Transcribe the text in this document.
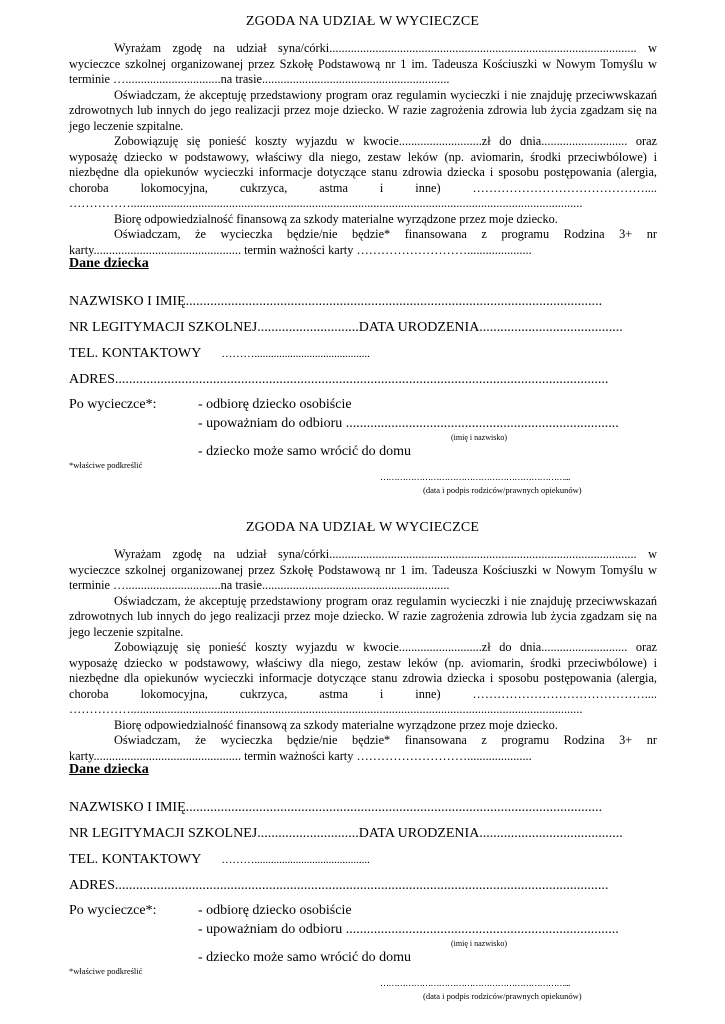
ZGODA NA UDZIAŁ W WYCIECZCE

Wyrażam zgodę na udział syna/córki.................................................................................................... w wycieczce szkolnej organizowanej przez Szkołę Podstawową nr 1 im. Tadeusza Kościuszki w Nowym Tomyślu w terminie …...............................na trasie.............................................................

Oświadczam, że akceptuję przedstawiony program oraz regulamin wycieczki i nie znajduję przeciwwskazań zdrowotnych lub innych do jego realizacji przez moje dziecko. W razie zagrożenia zdrowia lub życia zgadzam się na jego leczenie szpitalne.

Zobowiązuję się ponieść koszty wyjazdu w kwocie...........................zł do dnia............................ oraz wyposażę dziecko w podstawowy, właściwy dla niego, zestaw leków (np. aviomarin, środki przeciwbólowe) i niezbędne dla opiekunów wycieczki informacje dotyczące stanu zdrowia dziecka i sposobu postępowania (alergia, choroba lokomocyjna, cukrzyca, astma i inne) …………………………………….... ……………...................................................................................................................................................

Biorę odpowiedzialność finansową za szkody materialne wyrządzone przez moje dziecko.

Oświadczam, że wycieczka będzie/nie będzie* finansowana z programu Rodzina 3+ nr karty................................................ termin ważności karty ……………………….....................

Dane dziecka
NAZWISKO I IMIĘ.......................................................................................................................
NR LEGITYMACJI SZKOLNEJ.............................DATA URODZENIA.........................................
TEL. KONTAKTOWY ………..........................................
ADRES.............................................................................................................................................
Po wycieczce*:	- odbiorę dziecko osobiście
- upoważniam do odbioru ..............................................................................
(imię i nazwisko)
- dziecko może samo wrócić do domu
*właściwe podkreślić
…………………………………………………………...
(data i podpis rodziców/prawnych opiekunów)
ZGODA NA UDZIAŁ W WYCIECZCE

Wyrażam zgodę na udział syna/córki.................................................................................................... w wycieczce szkolnej organizowanej przez Szkołę Podstawową nr 1 im. Tadeusza Kościuszki w Nowym Tomyślu w terminie …...............................na trasie.............................................................

Oświadczam, że akceptuję przedstawiony program oraz regulamin wycieczki i nie znajduję przeciwwskazań zdrowotnych lub innych do jego realizacji przez moje dziecko. W razie zagrożenia zdrowia lub życia zgadzam się na jego leczenie szpitalne.

Zobowiązuję się ponieść koszty wyjazdu w kwocie...........................zł do dnia............................ oraz wyposażę dziecko w podstawowy, właściwy dla niego, zestaw leków (np. aviomarin, środki przeciwbólowe) i niezbędne dla opiekunów wycieczki informacje dotyczące stanu zdrowia dziecka i sposobu postępowania (alergia, choroba lokomocyjna, cukrzyca, astma i inne) …………………………………….... ……………...................................................................................................................................................

Biorę odpowiedzialność finansową za szkody materialne wyrządzone przez moje dziecko.

Oświadczam, że wycieczka będzie/nie będzie* finansowana z programu Rodzina 3+ nr karty................................................ termin ważności karty ……………………….....................

Dane dziecka
NAZWISKO I IMIĘ.......................................................................................................................
NR LEGITYMACJI SZKOLNEJ.............................DATA URODZENIA.........................................
TEL. KONTAKTOWY ………..........................................
ADRES.............................................................................................................................................
Po wycieczce*:	- odbiorę dziecko osobiście
- upoważniam do odbioru ..............................................................................
(imię i nazwisko)
- dziecko może samo wrócić do domu
*właściwe podkreślić
…………………………………………………………...
(data i podpis rodziców/prawnych opiekunów)
